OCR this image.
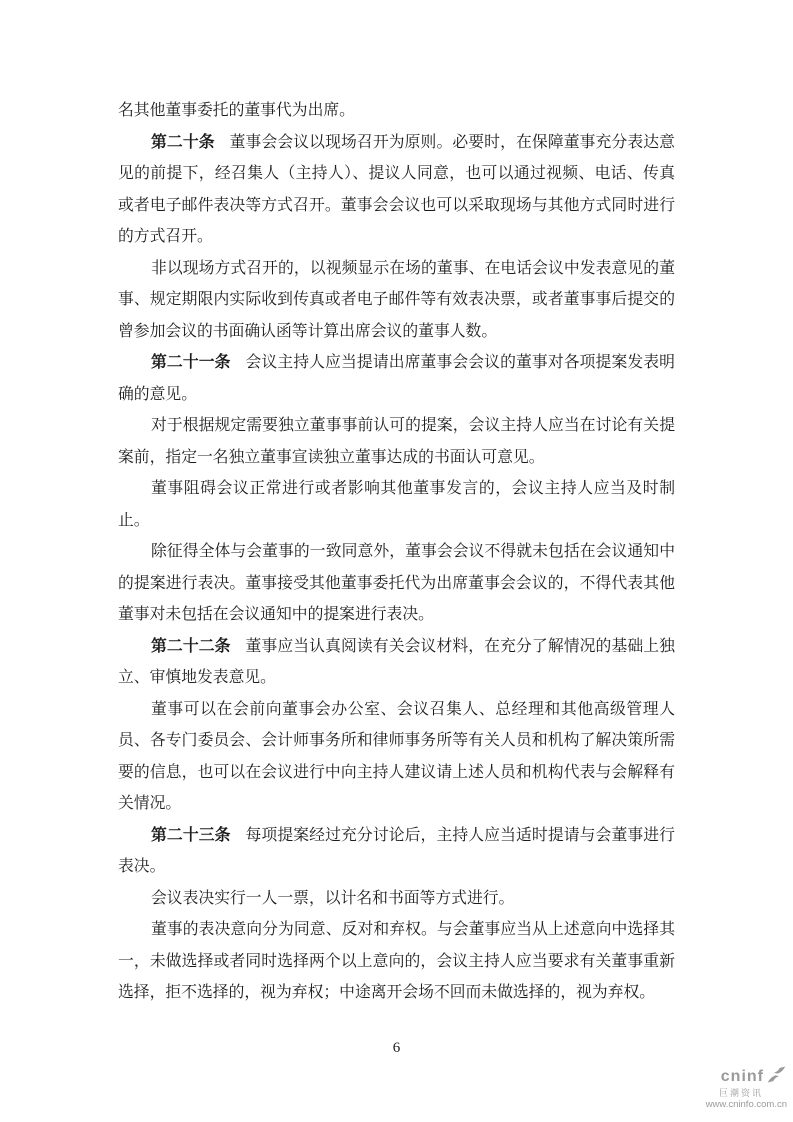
名其他董事委托的董事代为出席。

第二十条 董事会会议以现场召开为原则。必要时，在保障董事充分表达意见的前提下，经召集人（主持人）、提议人同意，也可以通过视频、电话、传真或者电子邮件表决等方式召开。董事会会议也可以采取现场与其他方式同时进行的方式召开。

非以现场方式召开的，以视频显示在场的董事、在电话会议中发表意见的董事、规定期限内实际收到传真或者电子邮件等有效表决票，或者董事事后提交的曾参加会议的书面确认函等计算出席会议的董事人数。

第二十一条 会议主持人应当提请出席董事会会议的董事对各项提案发表明确的意见。

对于根据规定需要独立董事事前认可的提案，会议主持人应当在讨论有关提案前，指定一名独立董事宣读独立董事达成的书面认可意见。

董事阻碍会议正常进行或者影响其他董事发言的，会议主持人应当及时制止。

除征得全体与会董事的一致同意外，董事会会议不得就未包括在会议通知中的提案进行表决。董事接受其他董事委托代为出席董事会会议的，不得代表其他董事对未包括在会议通知中的提案进行表决。

第二十二条 董事应当认真阅读有关会议材料，在充分了解情况的基础上独立、审慎地发表意见。

董事可以在会前向董事会办公室、会议召集人、总经理和其他高级管理人员、各专门委员会、会计师事务所和律师事务所等有关人员和机构了解决策所需要的信息，也可以在会议进行中向主持人建议请上述人员和机构代表与会解释有关情况。

第二十三条 每项提案经过充分讨论后，主持人应当适时提请与会董事进行表决。

会议表决实行一人一票，以计名和书面等方式进行。

董事的表决意向分为同意、反对和弃权。与会董事应当从上述意向中选择其一，未做选择或者同时选择两个以上意向的，会议主持人应当要求有关董事重新选择，拒不选择的，视为弃权；中途离开会场不回而未做选择的，视为弃权。

6
cninf
巨潮资讯
www.cninfo.com.cn
